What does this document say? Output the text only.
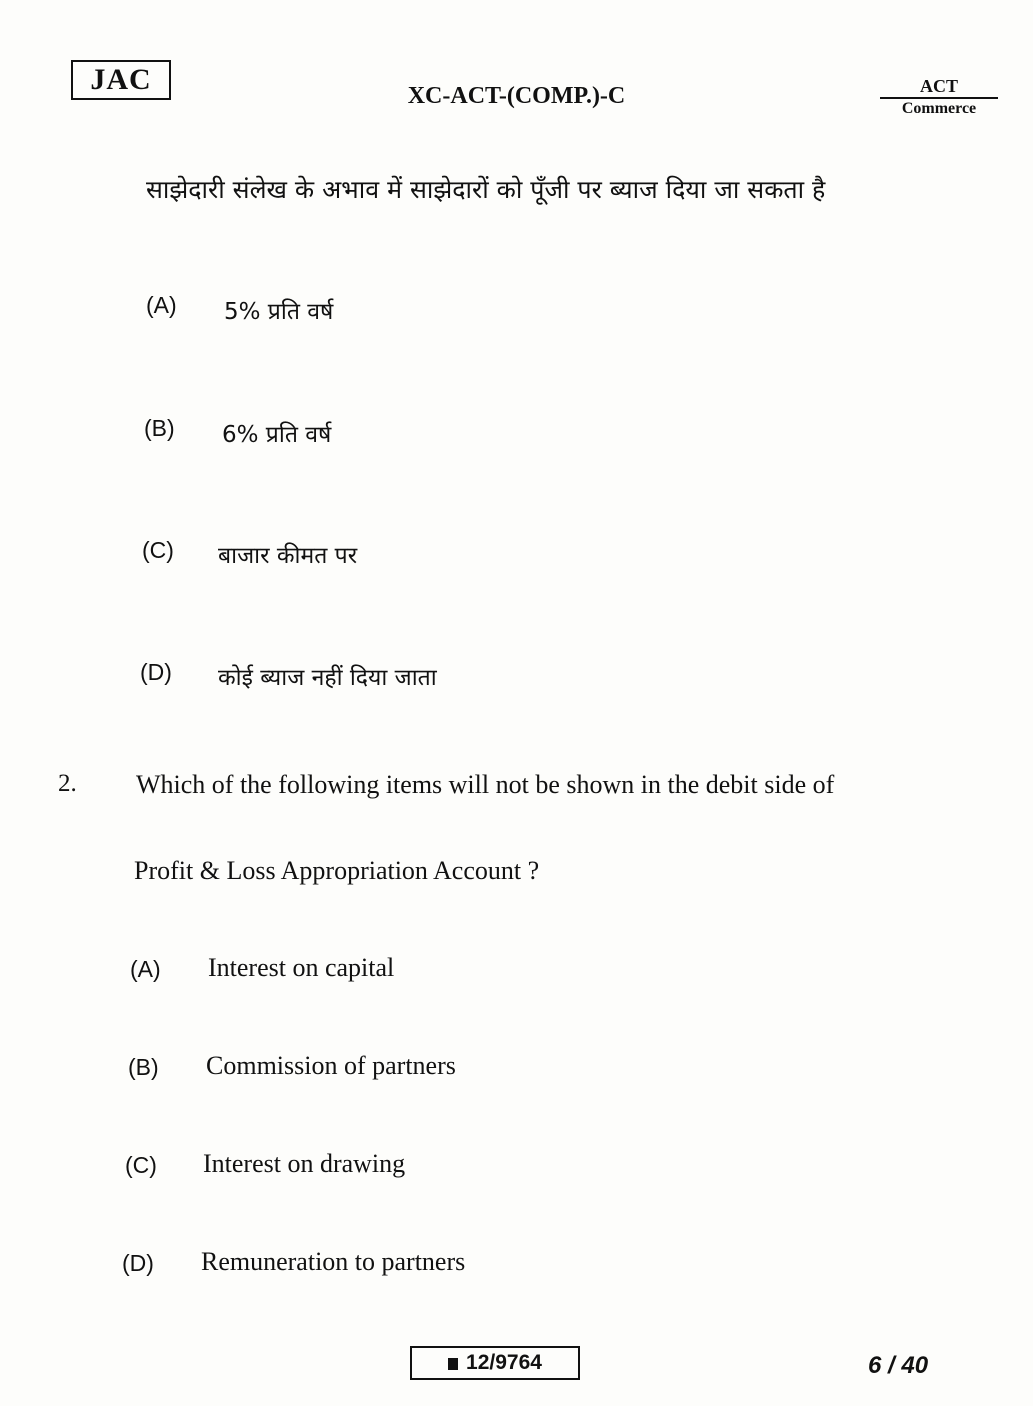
JAC	XC-ACT-(COMP.)-C	ACT
Commerce
साझेदारी संलेख के अभाव में साझेदारों को पूँजी पर ब्याज दिया जा सकता है
(A) 5% प्रति वर्ष
(B) 6% प्रति वर्ष
(C) बाजार कीमत पर
(D) कोई ब्याज नहीं दिया जाता
2. Which of the following items will not be shown in the debit side of
Profit & Loss Appropriation Account ?
(A) Interest on capital
(B) Commission of partners
(C) Interest on drawing
(D) Remuneration to partners
12/9764	6 / 40
